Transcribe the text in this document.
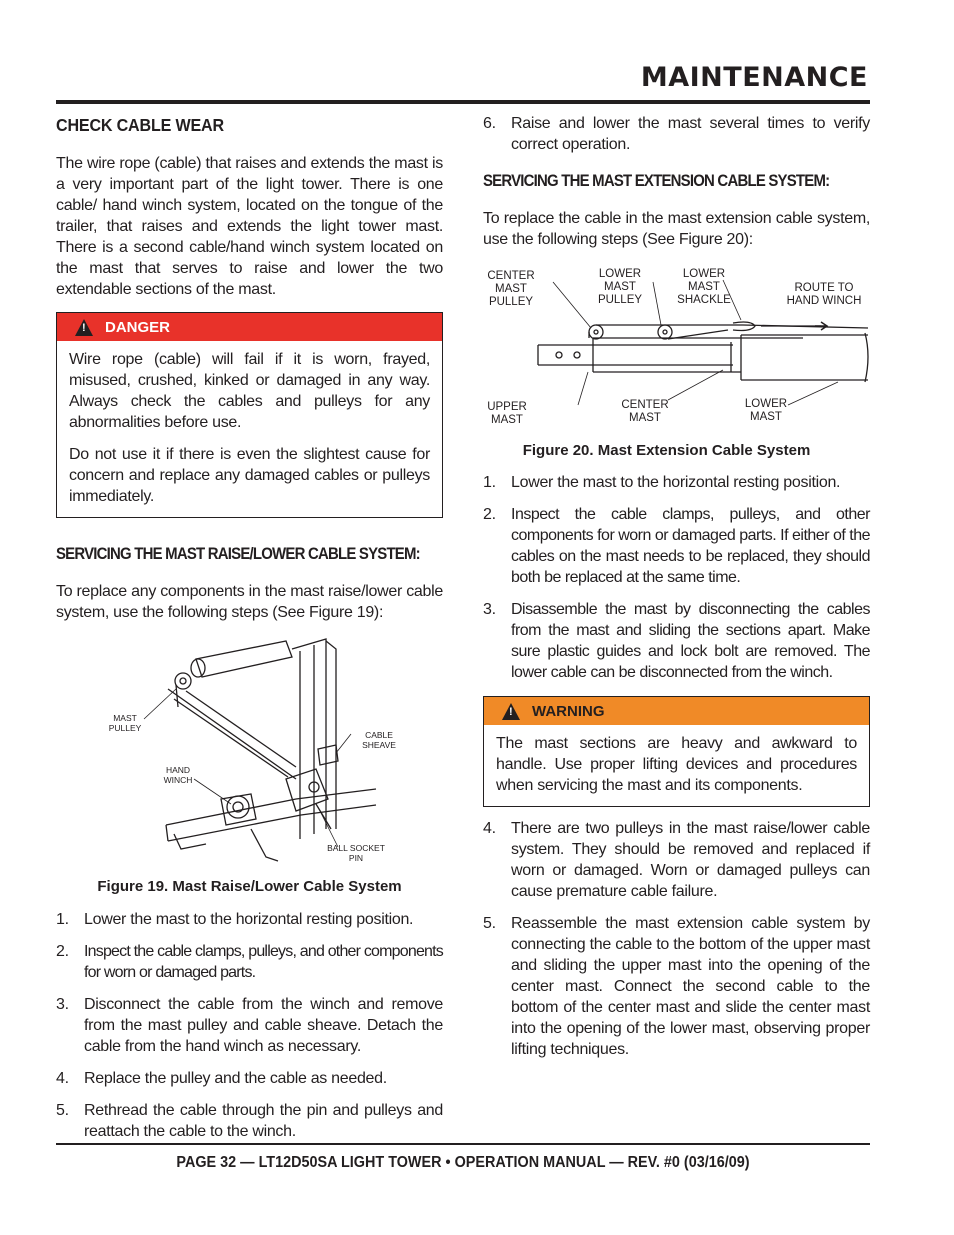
MAINTENANCE
CHECK CABLE WEAR

The wire rope (cable) that raises and extends the mast is a very important part of the light tower. There is one cable/ hand winch system, located on the tongue of the trailer, that raises and extends the light tower mast. There is a second cable/hand winch system located on the mast that serves to raise and lower the two extendable sections of the mast.

! DANGER

Wire rope (cable) will fail if it is worn, frayed, misused, crushed, kinked or damaged in any way. Always check the cables and pulleys for any abnormalities before use.

Do not use it if there is even the slightest cause for concern and replace any damaged cables or pulleys immediately.

SERVICING THE MAST RAISE/LOWER CABLE SYSTEM:

To replace any components in the mast raise/lower cable system, use the following steps (See Figure 19):

MAST PULLEY
CABLE SHEAVE
HAND WINCH
BALL SOCKET PIN
Figure 19. Mast Raise/Lower Cable System
1. Lower the mast to the horizontal resting position.
2. Inspect the cable clamps, pulleys, and other components for worn or damaged parts.
3. Disconnect the cable from the winch and remove from the mast pulley and cable sheave. Detach the cable from the hand winch as necessary.
4. Replace the pulley and the cable as needed.
5. Rethread the cable through the pin and pulleys and reattach the cable to the winch.
6. Raise and lower the mast several times to verify correct operation.
SERVICING THE MAST EXTENSION CABLE SYSTEM:

To replace the cable in the mast extension cable system, use the following steps (See Figure 20):

CENTER MAST PULLEY
LOWER MAST PULLEY
LOWER MAST SHACKLE
ROUTE TO HAND WINCH
UPPER MAST
CENTER MAST
LOWER MAST
Figure 20. Mast Extension Cable System
1. Lower the mast to the horizontal resting position.
2. Inspect the cable clamps, pulleys, and other components for worn or damaged parts. If either of the cables on the mast needs to be replaced, they should both be replaced at the same time.
3. Disassemble the mast by disconnecting the cables from the mast and sliding the sections apart. Make sure plastic guides and lock bolt are removed. The lower cable can be disconnected from the winch.
! WARNING

The mast sections are heavy and awkward to handle. Use proper lifting devices and procedures when servicing the mast and its components.

4. There are two pulleys in the mast raise/lower cable system. They should be removed and replaced if worn or damaged. Worn or damaged pulleys can cause premature cable failure.
5. Reassemble the mast extension cable system by connecting the cable to the bottom of the upper mast and sliding the upper mast into the opening of the center mast. Connect the second cable to the bottom of the center mast and slide the center mast into the opening of the lower mast, observing proper lifting techniques.
PAGE 32 — LT12D50SA LIGHT TOWER • OPERATION MANUAL — REV. #0 (03/16/09)
